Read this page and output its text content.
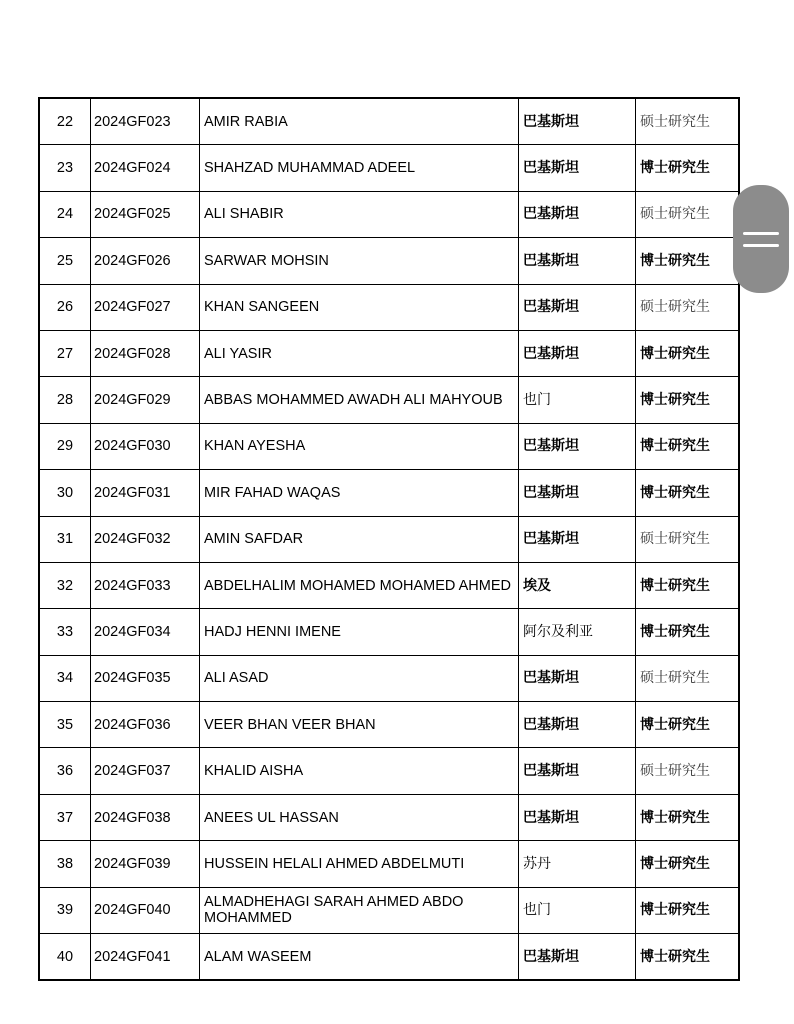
22	2024GF023	AMIR RABIA	巴基斯坦	硕士研究生
23	2024GF024	SHAHZAD MUHAMMAD ADEEL	巴基斯坦	博士研究生
24	2024GF025	ALI SHABIR	巴基斯坦	硕士研究生
25	2024GF026	SARWAR MOHSIN	巴基斯坦	博士研究生
26	2024GF027	KHAN SANGEEN	巴基斯坦	硕士研究生
27	2024GF028	ALI YASIR	巴基斯坦	博士研究生
28	2024GF029	ABBAS MOHAMMED AWADH ALI MAHYOUB	也门	博士研究生
29	2024GF030	KHAN AYESHA	巴基斯坦	博士研究生
30	2024GF031	MIR FAHAD WAQAS	巴基斯坦	博士研究生
31	2024GF032	AMIN SAFDAR	巴基斯坦	硕士研究生
32	2024GF033	ABDELHALIM MOHAMED MOHAMED AHMED	埃及	博士研究生
33	2024GF034	HADJ HENNI IMENE	阿尔及利亚	博士研究生
34	2024GF035	ALI ASAD	巴基斯坦	硕士研究生
35	2024GF036	VEER BHAN VEER BHAN	巴基斯坦	博士研究生
36	2024GF037	KHALID AISHA	巴基斯坦	硕士研究生
37	2024GF038	ANEES UL HASSAN	巴基斯坦	博士研究生
38	2024GF039	HUSSEIN HELALI AHMED ABDELMUTI	苏丹	博士研究生
39	2024GF040	ALMADHEHAGI SARAH AHMED ABDO MOHAMMED	也门	博士研究生
40	2024GF041	ALAM WASEEM	巴基斯坦	博士研究生
